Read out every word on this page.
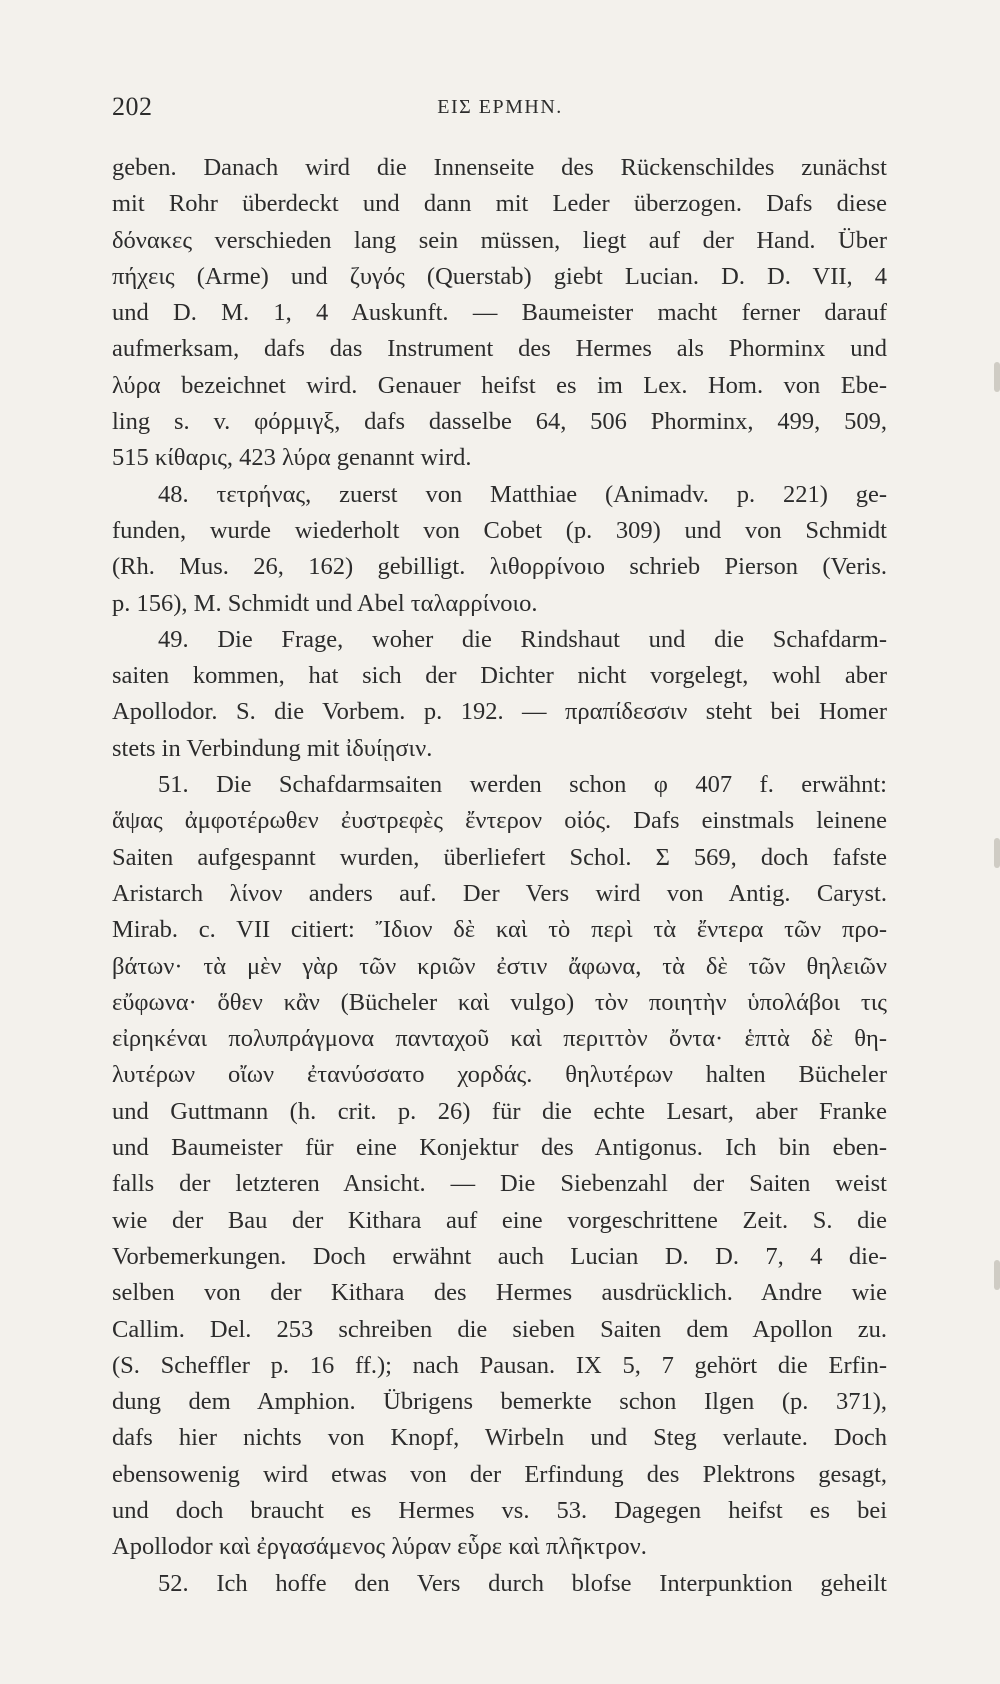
202	ΕΙΣ ΕΡΜΗΝ.
geben. Danach wird die Innenseite des Rückenschildes zunächst
mit Rohr überdeckt und dann mit Leder überzogen. Dafs diese
δόνακες verschieden lang sein müssen, liegt auf der Hand. Über
πήχεις (Arme) und ζυγός (Querstab) giebt Lucian. D. D. VII, 4
und D. M. 1, 4 Auskunft. — Baumeister macht ferner darauf
aufmerksam, dafs das Instrument des Hermes als Phorminx und
λύρα bezeichnet wird. Genauer heifst es im Lex. Hom. von Ebe-
ling s. v. φόρμιγξ, dafs dasselbe 64, 506 Phorminx, 499, 509,
515 κίθαρις, 423 λύρα genannt wird.
48. τετρήνας, zuerst von Matthiae (Animadv. p. 221) ge-
funden, wurde wiederholt von Cobet (p. 309) und von Schmidt
(Rh. Mus. 26, 162) gebilligt. λιθορρίνοιο schrieb Pierson (Veris.
p. 156), M. Schmidt und Abel ταλαρρίνοιο.
49. Die Frage, woher die Rindshaut und die Schafdarm-
saiten kommen, hat sich der Dichter nicht vorgelegt, wohl aber
Apollodor. S. die Vorbem. p. 192. — πραπίδεσσιν steht bei Homer
stets in Verbindung mit ἰδυίῃσιν.
51. Die Schafdarmsaiten werden schon φ 407 f. erwähnt:
ἅψας ἀμφοτέρωθεν ἐυστρεφὲς ἔντερον οἰός. Dafs einstmals leinene
Saiten aufgespannt wurden, überliefert Schol. Σ 569, doch fafste
Aristarch λίνον anders auf. Der Vers wird von Antig. Caryst.
Mirab. c. VII citiert: Ἴδιον δὲ καὶ τὸ περὶ τὰ ἔντερα τῶν προ-
βάτων· τὰ μὲν γὰρ τῶν κριῶν ἐστιν ἄφωνα, τὰ δὲ τῶν θηλειῶν
εὔφωνα· ὅθεν κἂν (Bücheler καὶ vulgo) τὸν ποιητὴν ὑπολάβοι τις
εἰρηκέναι πολυπράγμονα πανταχοῦ καὶ περιττὸν ὄντα· ἑπτὰ δὲ θη-
λυτέρων οἴων ἐτανύσσατο χορδάς. θηλυτέρων halten Bücheler
und Guttmann (h. crit. p. 26) für die echte Lesart, aber Franke
und Baumeister für eine Konjektur des Antigonus. Ich bin eben-
falls der letzteren Ansicht. — Die Siebenzahl der Saiten weist
wie der Bau der Kithara auf eine vorgeschrittene Zeit. S. die
Vorbemerkungen. Doch erwähnt auch Lucian D. D. 7, 4 die-
selben von der Kithara des Hermes ausdrücklich. Andre wie
Callim. Del. 253 schreiben die sieben Saiten dem Apollon zu.
(S. Scheffler p. 16 ff.); nach Pausan. IX 5, 7 gehört die Erfin-
dung dem Amphion. Übrigens bemerkte schon Ilgen (p. 371),
dafs hier nichts von Knopf, Wirbeln und Steg verlaute. Doch
ebensowenig wird etwas von der Erfindung des Plektrons gesagt,
und doch braucht es Hermes vs. 53. Dagegen heifst es bei
Apollodor καὶ ἐργασάμενος λύραν εὗρε καὶ πλῆκτρον.
52. Ich hoffe den Vers durch blofse Interpunktion geheilt
